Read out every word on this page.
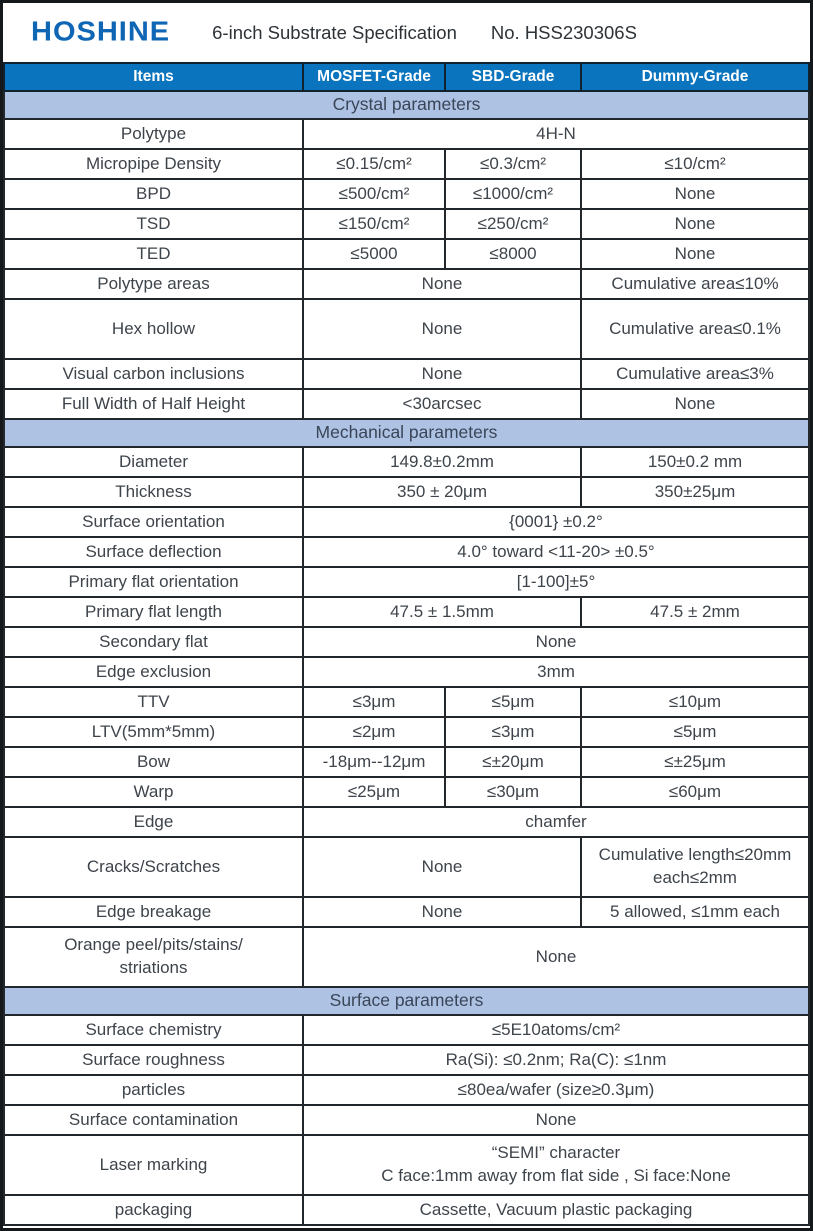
HOSHINE 6-inch Substrate Specification No. HSS230306S
Items	MOSFET-Grade	SBD-Grade	Dummy-Grade
Crystal parameters			

Polytype	4H-N		

Micropipe Density	≤0.15/cm²	≤0.3/cm²	≤10/cm²

BPD	≤500/cm²	≤1000/cm²	None

TSD	≤150/cm²	≤250/cm²	None

TED	≤5000	≤8000	None

Polytype areas	None		Cumulative area≤10%

Hex hollow	None		Cumulative area≤0.1%

Visual carbon inclusions	None		Cumulative area≤3%

Full Width of Half Height	<30arcsec		None

Mechanical parameters			

Diameter	149.8±0.2mm		150±0.2 mm

Thickness	350 ± 20μm		350±25μm

Surface orientation	{0001} ±0.2°		

Surface deflection	4.0° toward <11-20> ±0.5°		

Primary flat orientation	[1-100]±5°		

Primary flat length	47.5 ± 1.5mm		47.5 ± 2mm

Secondary flat	None		

Edge exclusion	3mm		

TTV	≤3μm	≤5μm	≤10μm

LTV(5mm*5mm)	≤2μm	≤3μm	≤5μm

Bow	-18μm--12μm	≤±20μm	≤±25μm

Warp	≤25μm	≤30μm	≤60μm

Edge	chamfer		

Cracks/Scratches	None		Cumulative length≤20mm
each≤2mm

Edge breakage	None		5 allowed, ≤1mm each

Orange peel/pits/stains/
striations	None		

Surface parameters			

Surface chemistry	≤5E10atoms/cm²		

Surface roughness	Ra(Si): ≤0.2nm; Ra(C): ≤1nm		

particles	≤80ea/wafer (size≥0.3μm)		

Surface contamination	None		

Laser marking	“SEMI” character
C face:1mm away from flat side , Si face:None		

packaging	Cassette, Vacuum plastic packaging		
